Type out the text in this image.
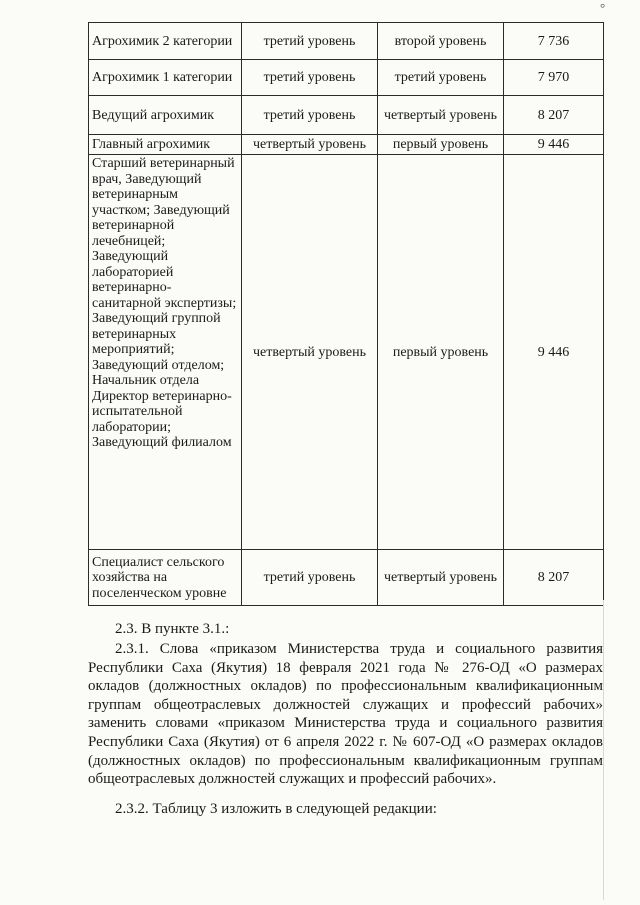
°
Агрохимик 2 категории	третий уровень	второй уровень	7 736
Агрохимик 1 категории	третий уровень	третий уровень	7 970
Ведущий агрохимик	третий уровень	четвертый уровень	8 207
Главный агрохимик	четвертый уровень	первый уровень	9 446
Старший ветеринарный врач, Заведующий ветеринарным участком; Заведующий ветеринарной лечебницей; Заведующий лабораторией ветеринарно-санитарной экспертизы; Заведующий группой ветеринарных мероприятий; Заведующий отделом; Начальник отдела Директор ветеринарно-испытательной лаборатории; Заведующий филиалом	четвертый уровень	первый уровень	9 446
Специалист сельского хозяйства на поселенческом уровне	третий уровень	четвертый уровень	8 207

2.3. В пункте 3.1.:

2.3.1. Слова «приказом Министерства труда и социального развития Республики Саха (Якутия) 18 февраля 2021 года № 276-ОД «О размерах окладов (должностных окладов) по профессиональным квалификационным группам общеотраслевых должностей служащих и профессий рабочих» заменить словами «приказом Министерства труда и социального развития Республики Саха (Якутия) от 6 апреля 2022 г. № 607-ОД «О размерах окладов (должностных окладов) по профессиональным квалификационным группам общеотраслевых должностей служащих и профессий рабочих».

2.3.2. Таблицу 3 изложить в следующей редакции:
